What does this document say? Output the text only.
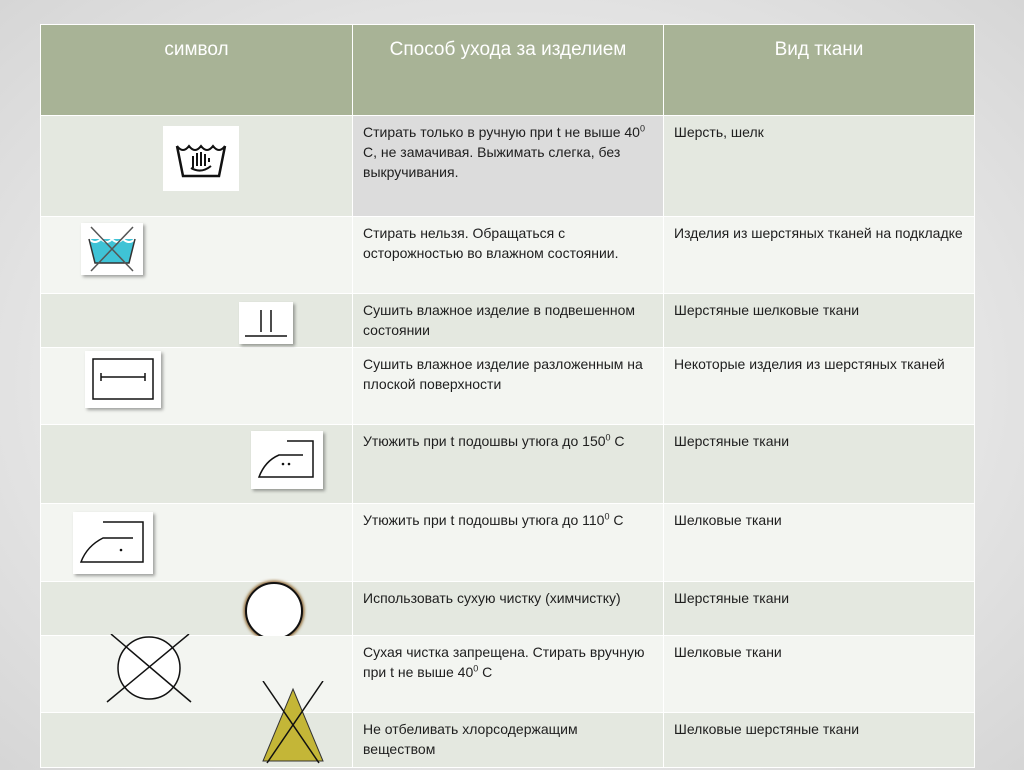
символ	Способ ухода за изделием	Вид ткани

	Стирать только в ручную при t не выше $40^0$ С, не замачивая. Выжимать слегка, без выкручивания.	Шерсть, шелк

	Стирать нельзя. Обращаться с осторожностью во влажном состоянии.	Изделия из шерстяных тканей на подкладке

	Сушить влажное изделие в подвешенном состоянии	Шерстяные шелковые ткани

	Сушить влажное изделие разложенным на плоской поверхности	Некоторые изделия из шерстяных тканей

	Утюжить при t подошвы утюга до $150^0$ С	Шерстяные ткани

	Утюжить при t подошвы утюга до $110^0$ С	Шелковые ткани

	Использовать сухую чистку (химчистку)	Шерстяные ткани

	Сухая чистка запрещена. Стирать вручную при t не выше $40^0$ С	Шелковые ткани

	Не отбеливать хлорсодержащим веществом	Шелковые шерстяные ткани
